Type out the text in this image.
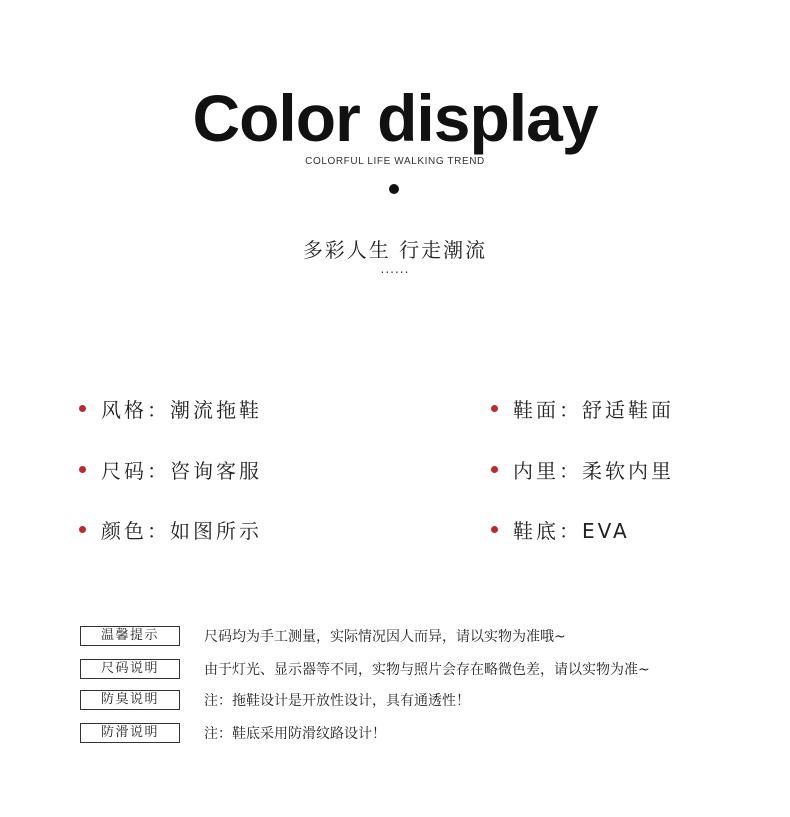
Color display
COLORFUL LIFE WALKING TREND
多彩人生 行走潮流
......
风格：潮流拖鞋
尺码：咨询客服
颜色：如图所示
鞋面：舒适鞋面
内里：柔软内里
鞋底：EVA
温馨提示	尺码均为手工测量，实际情况因人而异，请以实物为准哦~
尺码说明	由于灯光、显示器等不同，实物与照片会存在略微色差，请以实物为准~
防臭说明	注：拖鞋设计是开放性设计，具有通透性！
防滑说明	注：鞋底采用防滑纹路设计！
